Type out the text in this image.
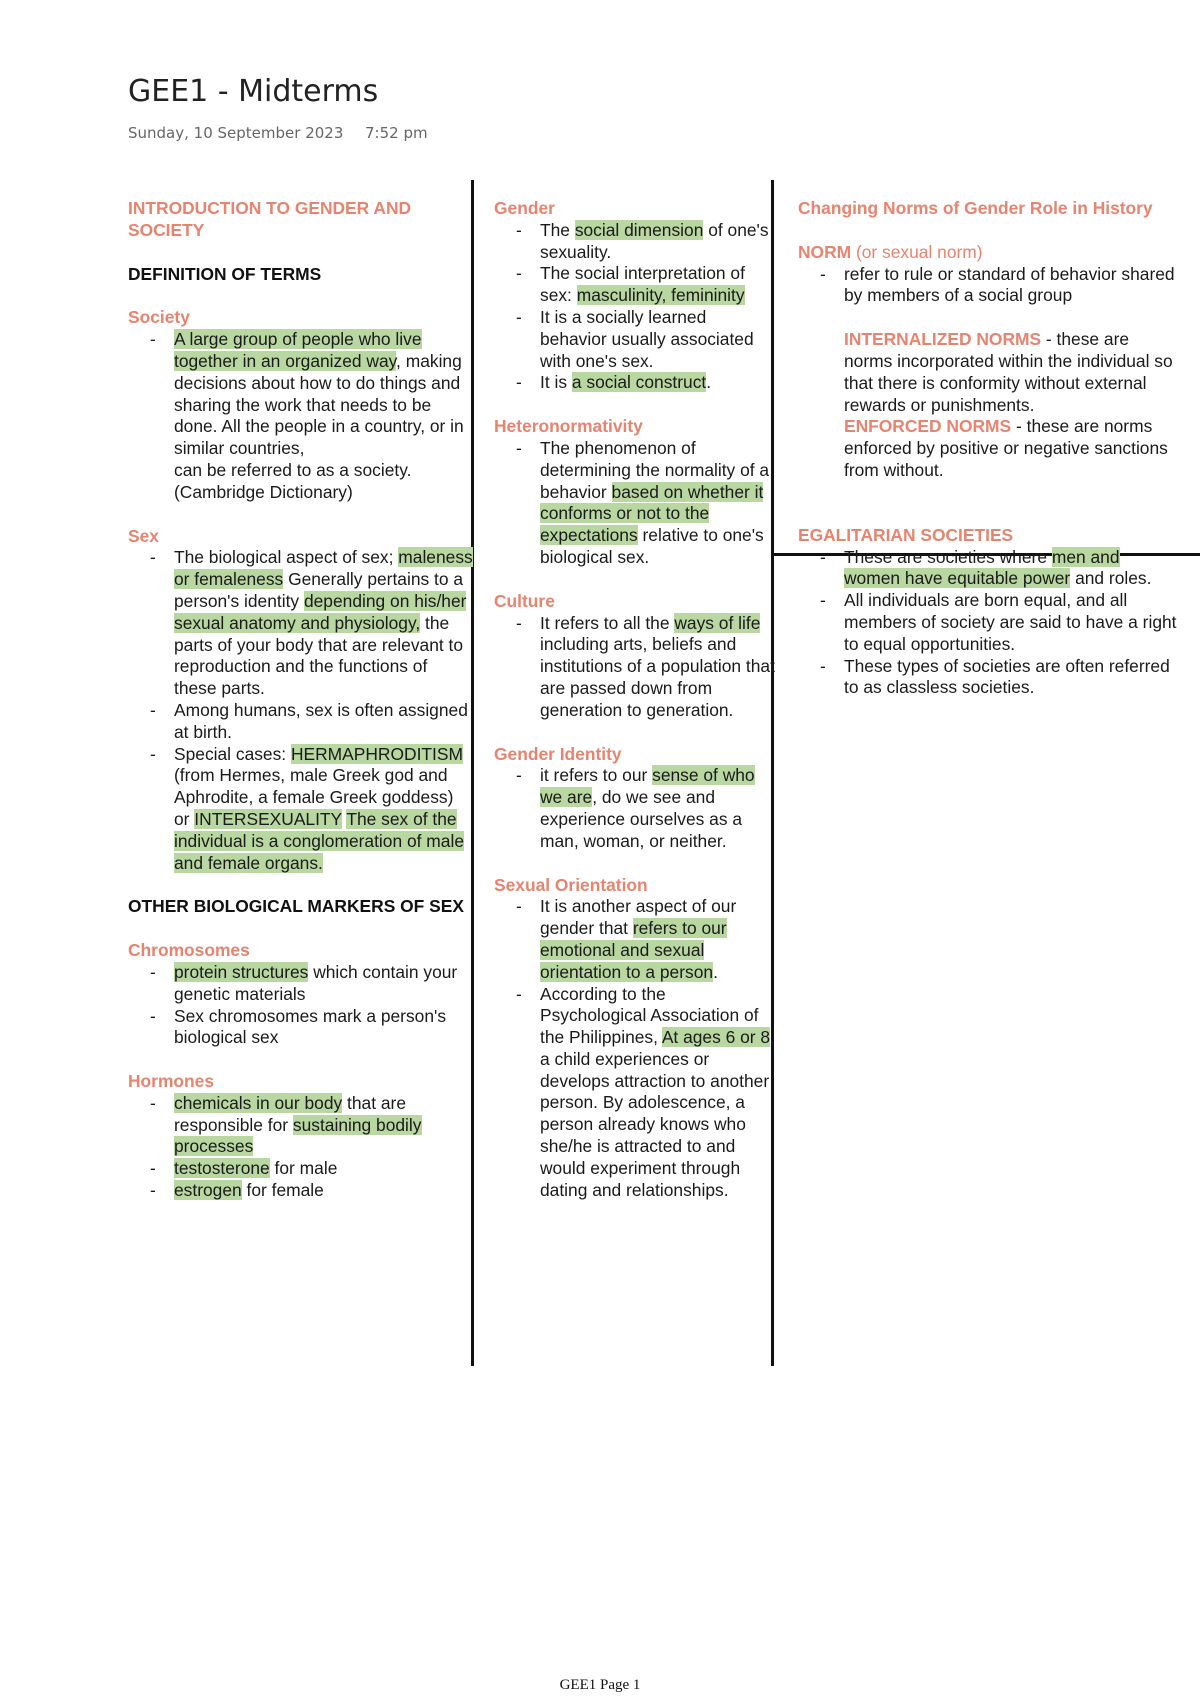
GEE1 - Midterms
Sunday, 10 September 2023 7:52 pm
INTRODUCTION TO GENDER AND SOCIETY
DEFINITION OF TERMS
Society
- A large group of people who live together in an organized way, making decisions about how to do things and sharing the work that needs to be done. All the people in a country, or in similar countries,
can be referred to as a society.
(Cambridge Dictionary)
Sex
- The biological aspect of sex; maleness or femaleness Generally pertains to a person's identity depending on his/her sexual anatomy and physiology, the parts of your body that are relevant to reproduction and the functions of these parts.
- Among humans, sex is often assigned at birth.
- Special cases: HERMAPHRODITISM (from Hermes, male Greek god and Aphrodite, a female Greek goddess) or INTERSEXUALITY The sex of the individual is a conglomeration of male and female organs.
OTHER BIOLOGICAL MARKERS OF SEX
Chromosomes
- protein structures which contain your genetic materials
- Sex chromosomes mark a person's biological sex
Hormones
- chemicals in our body that are responsible for sustaining bodily processes
- testosterone for male
- estrogen for female
Gender
- The social dimension of one's sexuality.
- The social interpretation of sex: masculinity, femininity
- It is a socially learned behavior usually associated with one's sex.
- It is a social construct.
Heteronormativity
- The phenomenon of determining the normality of a behavior based on whether it conforms or not to the expectations relative to one's biological sex.
Culture
- It refers to all the ways of life including arts, beliefs and institutions of a population that are passed down from generation to generation.
Gender Identity
- it refers to our sense of who we are, do we see and experience ourselves as a man, woman, or neither.
Sexual Orientation
- It is another aspect of our gender that refers to our emotional and sexual orientation to a person.
- According to the Psychological Association of the Philippines, At ages 6 or 8, a child experiences or develops attraction to another person. By adolescence, a person already knows who she/he is attracted to and would experiment through dating and relationships.
Changing Norms of Gender Role in History
NORM (or sexual norm)
- refer to rule or standard of behavior shared by members of a social group
INTERNALIZED NORMS - these are norms incorporated within the individual so that there is conformity without external rewards or punishments.
ENFORCED NORMS - these are norms enforced by positive or negative sanctions from without.
EGALITARIAN SOCIETIES
- These are societies where men and women have equitable power and roles.
- All individuals are born equal, and all members of society are said to have a right to equal opportunities.
- These types of societies are often referred to as classless societies.
GEE1 Page 1
